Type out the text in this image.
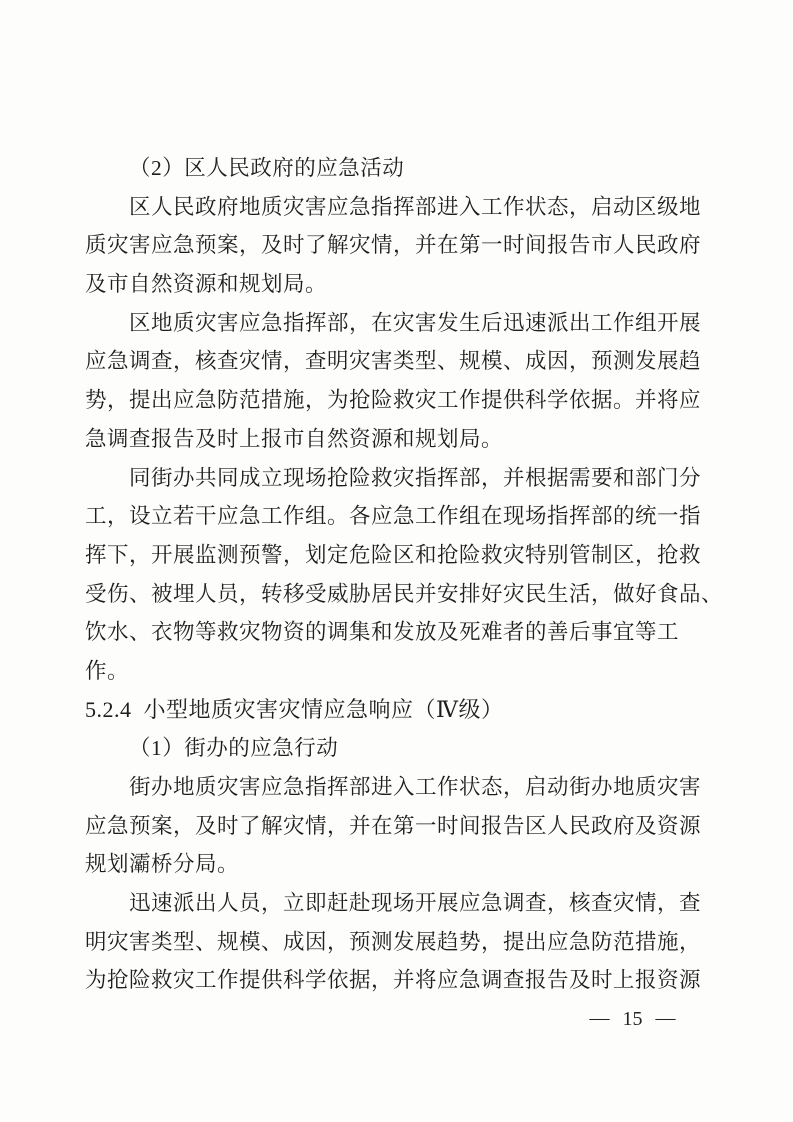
（2）区人民政府的应急活动
区人民政府地质灾害应急指挥部进入工作状态，启动区级地
质灾害应急预案，及时了解灾情，并在第一时间报告市人民政府
及市自然资源和规划局。
区地质灾害应急指挥部，在灾害发生后迅速派出工作组开展
应急调查，核查灾情，查明灾害类型、规模、成因，预测发展趋
势，提出应急防范措施，为抢险救灾工作提供科学依据。并将应
急调查报告及时上报市自然资源和规划局。
同街办共同成立现场抢险救灾指挥部，并根据需要和部门分
工，设立若干应急工作组。各应急工作组在现场指挥部的统一指
挥下，开展监测预警，划定危险区和抢险救灾特别管制区，抢救
受伤、被埋人员，转移受威胁居民并安排好灾民生活，做好食品、
饮水、衣物等救灾物资的调集和发放及死难者的善后事宜等工
作。
5.2.4  小型地质灾害灾情应急响应（Ⅳ级）
（1）街办的应急行动
街办地质灾害应急指挥部进入工作状态，启动街办地质灾害
应急预案，及时了解灾情，并在第一时间报告区人民政府及资源
规划灞桥分局。
迅速派出人员，立即赶赴现场开展应急调查，核查灾情，查
明灾害类型、规模、成因，预测发展趋势，提出应急防范措施，
为抢险救灾工作提供科学依据，并将应急调查报告及时上报资源
— 15 —
